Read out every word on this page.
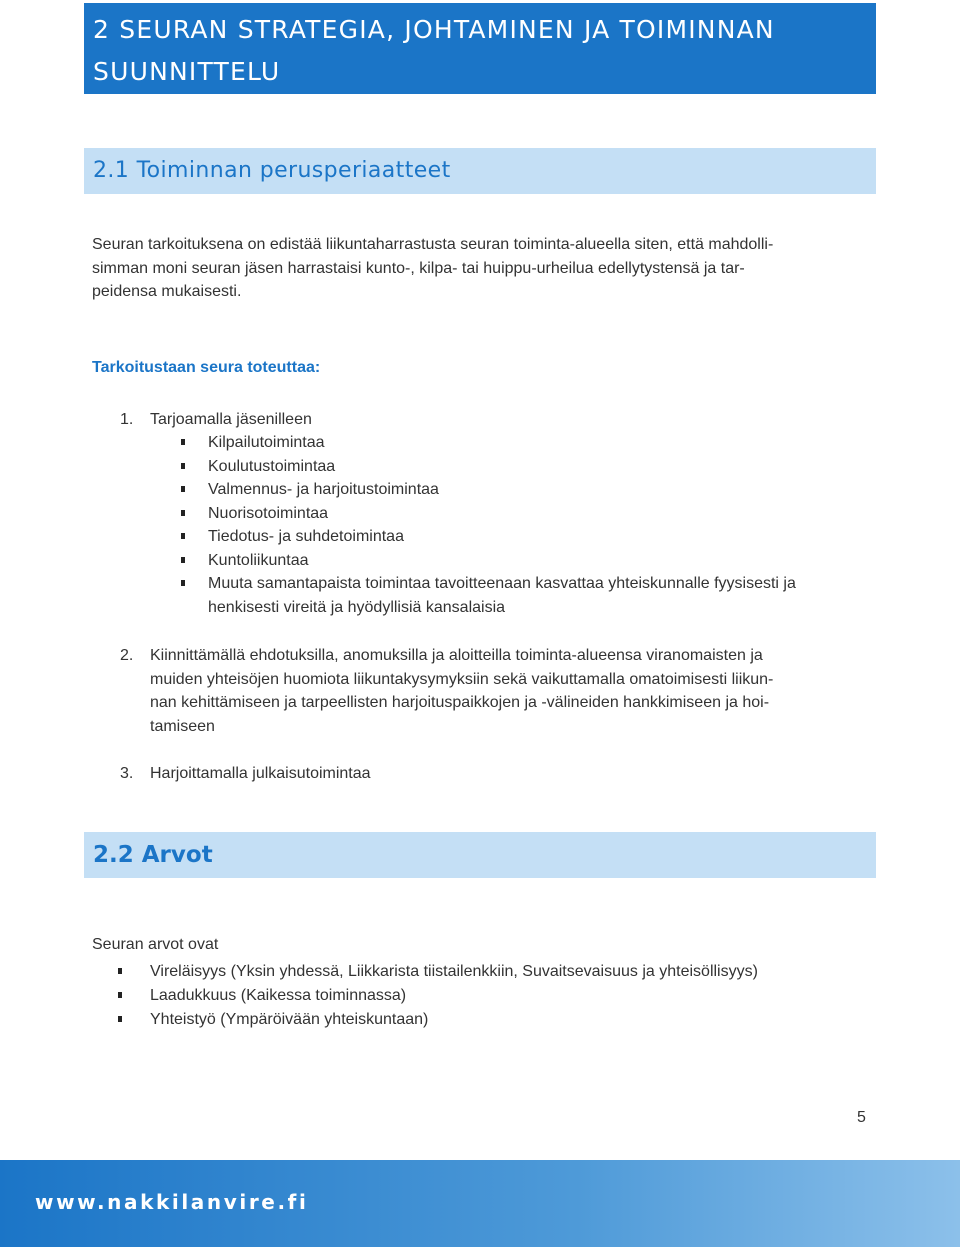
2 SEURAN STRATEGIA, JOHTAMINEN JA TOIMINNAN
SUUNNITTELU
2.1 Toiminnan perusperiaatteet
Seuran tarkoituksena on edistää liikuntaharrastusta seuran toiminta-alueella siten, että mahdolli-
simman moni seuran jäsen harrastaisi kunto-, kilpa- tai huippu-urheilua edellytystensä ja tar-
peidensa mukaisesti.
Tarkoitustaan seura toteuttaa:
1. Tarjoamalla jäsenilleen
Kilpailutoimintaa
Koulutustoimintaa
Valmennus- ja harjoitustoimintaa
Nuorisotoimintaa
Tiedotus- ja suhdetoimintaa
Kuntoliikuntaa
Muuta samantapaista toimintaa tavoitteenaan kasvattaa yhteiskunnalle fyysisesti ja
henkisesti vireitä ja hyödyllisiä kansalaisia
2. Kiinnittämällä ehdotuksilla, anomuksilla ja aloitteilla toiminta-alueensa viranomaisten ja
muiden yhteisöjen huomiota liikuntakysymyksiin sekä vaikuttamalla omatoimisesti liikun-
nan kehittämiseen ja tarpeellisten harjoituspaikkojen ja -välineiden hankkimiseen ja hoi-
tamiseen
3. Harjoittamalla julkaisutoimintaa
2.2 Arvot
Seuran arvot ovat
Vireläisyys (Yksin yhdessä, Liikkarista tiistailenkkiin, Suvaitsevaisuus ja yhteisöllisyys)
Laadukkuus (Kaikessa toiminnassa)
Yhteistyö (Ympäröivään yhteiskuntaan)
5
www.nakkilanvire.fi
